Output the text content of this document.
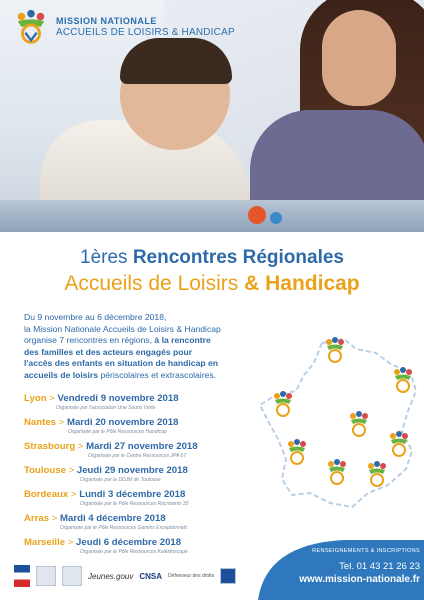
MISSION NATIONALE
ACCUEILS DE LOISIRS & HANDICAP
1ères Rencontres Régionales
Accueils de Loisirs & Handicap
Du 9 novembre au 6 décembre 2018,
la Mission Nationale Accueils de Loisirs & Handicap
organise 7 rencontres en régions, à la rencontre
des familles et des acteurs engagés pour
l'accès des enfants en situation de handicap en
accueils de loisirs périscolaires et extrascolaires.
Lyon > Vendredi 9 novembre 2018
Organisée par l'association Une Souris Verte
Nantes > Mardi 20 novembre 2018
Organisée par le Pôle Ressources Handicap
Strasbourg > Mardi 27 novembre 2018
Organisée par le Centre Ressources JPA 67
Toulouse > Jeudi 29 novembre 2018
Organisée par la DDJM de Toulouse
Bordeaux > Lundi 3 décembre 2018
Organisée par le Pôle Ressources Récréamix 33
Arras > Mardi 4 décembre 2018
Organisée par le Pôle Ressources Gamins Exceptionnels
Marseille > Jeudi 6 décembre 2018
Organisée par le Pôle Ressources Kaléidoscope	RENSEIGNEMENTS & INSCRIPTIONS
Tel. 01 43 21 26 23
www.mission-nationale.fr
Jeunes.gouv CNSA Défenseur des droits
